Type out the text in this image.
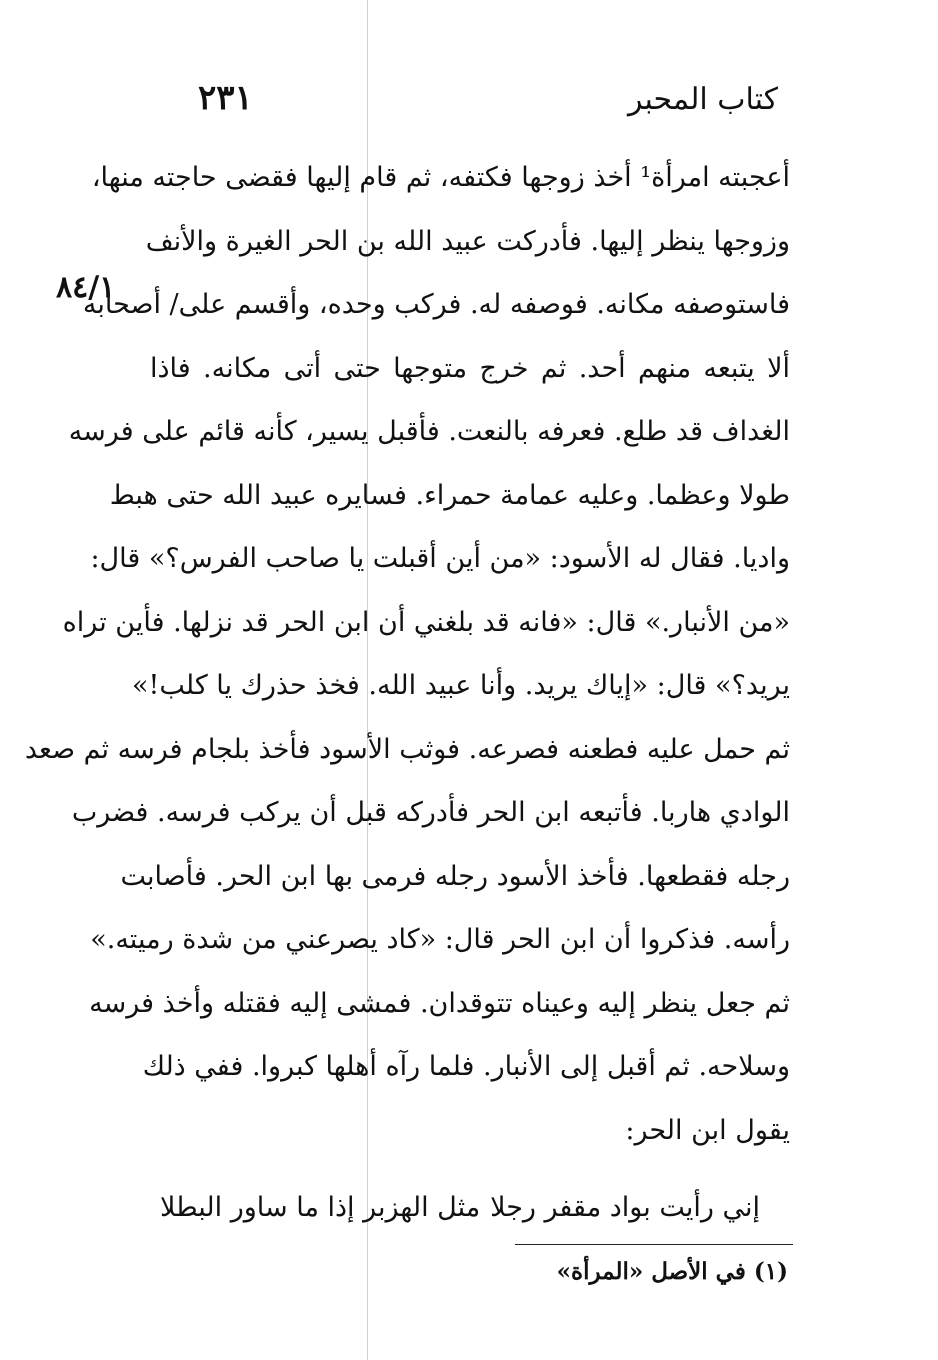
٢٣١	كتاب المحبر
٨٤/١
أعجبته امرأة¹ أخذ زوجها فكتفه، ثم قام إليها فقضى حاجته منها،
وزوجها ينظر إليها. فأدركت عبيد الله بن الحر الغيرة والأنف
فاستوصفه مكانه. فوصفه له. فركب وحده، وأقسم على/ أصحابه
ألا يتبعه منهم أحد. ثم خرج متوجها حتى أتى مكانه. فاذا
الغداف قد طلع. فعرفه بالنعت. فأقبل يسير، كأنه قائم على فرسه
طولا وعظما. وعليه عمامة حمراء. فسايره عبيد الله حتى هبط
واديا. فقال له الأسود: «من أين أقبلت يا صاحب الفرس؟» قال:
«من الأنبار.» قال: «فانه قد بلغني أن ابن الحر قد نزلها. فأين تراه
يريد؟» قال: «إياك يريد. وأنا عبيد الله. فخذ حذرك يا كلب!»
ثم حمل عليه فطعنه فصرعه. فوثب الأسود فأخذ بلجام فرسه ثم صعد
الوادي هاربا. فأتبعه ابن الحر فأدركه قبل أن يركب فرسه. فضرب
رجله فقطعها. فأخذ الأسود رجله فرمى بها ابن الحر. فأصابت
رأسه. فذكروا أن ابن الحر قال: «كاد يصرعني من شدة رميته.»
ثم جعل ينظر إليه وعيناه تتوقدان. فمشى إليه فقتله وأخذ فرسه
وسلاحه. ثم أقبل إلى الأنبار. فلما رآه أهلها كبروا. ففي ذلك
يقول ابن الحر:
إني رأيت بواد مقفر رجلا
مثل الهزبر إذا ما ساور البطلا
(١) في الأصل «المرأة»
